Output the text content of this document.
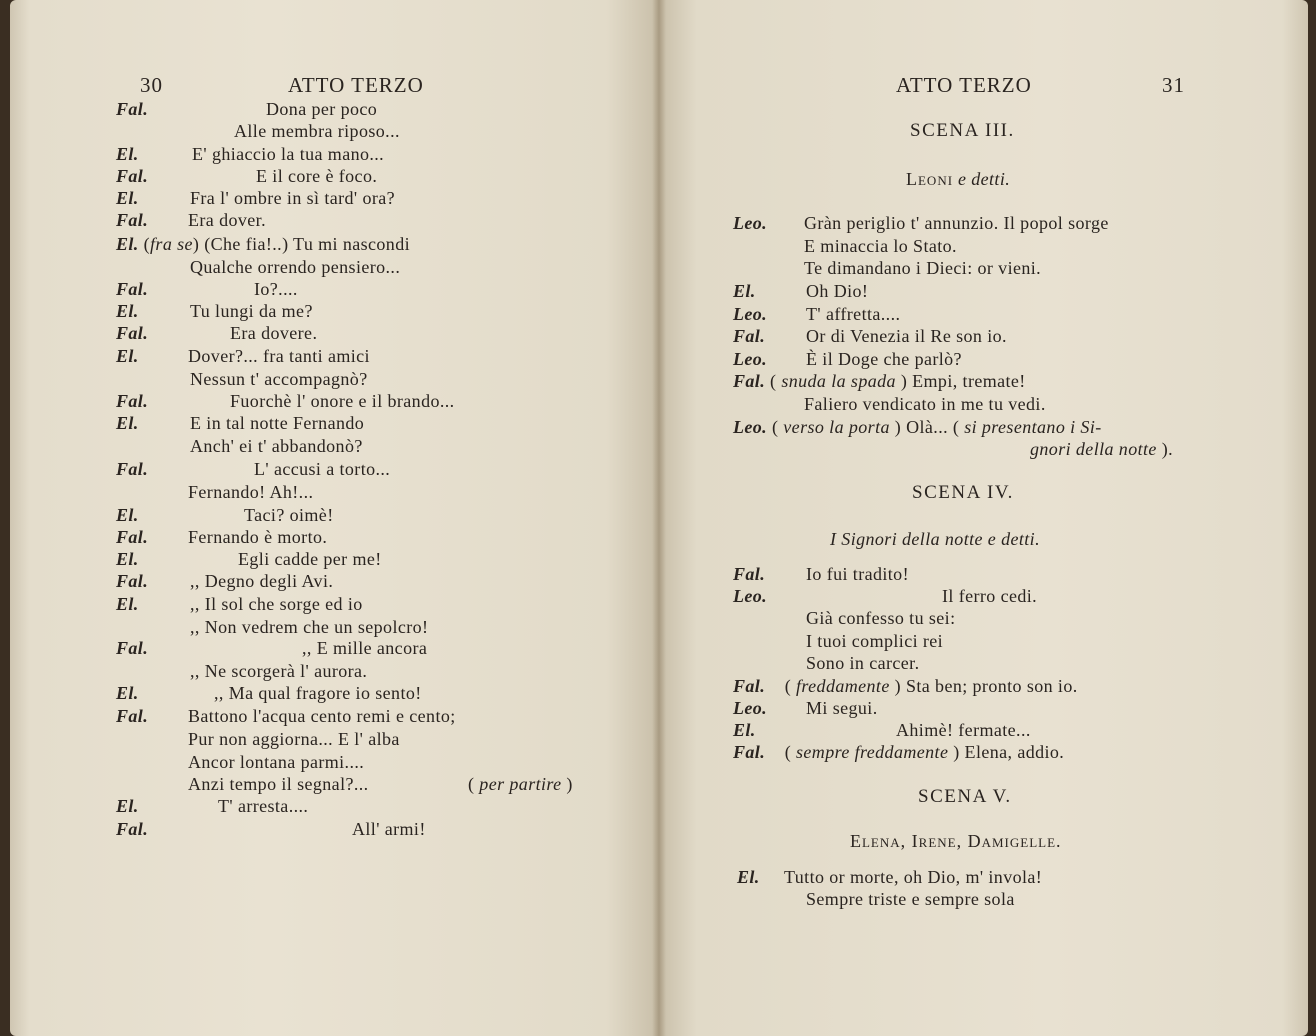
30	ATTO TERZO
Fal.	Dona per poco
Alle membra riposo...
El.	E' ghiaccio la tua mano...
Fal.	E il core è foco.
El.	Fra l' ombre in sì tard' ora?
Fal. Era dover.
El. (fra se) (Che fia!..) Tu mi nascondi
Qualche orrendo pensiero...
Fal.	Io?....
El.	Tu lungi da me?
Fal.	Era dovere.
El.	Dover?... fra tanti amici
Nessun t' accompagnò?
Fal.	Fuorchè l' onore e il brando...
El.	E in tal notte Fernando
Anch' ei t' abbandonò?
Fal.	L' accusi a torto...
Fernando! Ah!...
El.	Taci? oimè!
Fal. Fernando è morto.
El.	Egli cadde per me!
Fal. ,, Degno degli Avi.
El.	,, Il sol che sorge ed io
,, Non vedrem che un sepolcro!
Fal.	,, E mille ancora
,, Ne scorgerà l' aurora.
El.	,, Ma qual fragore io sento!
Fal. Battono l'acqua cento remi e cento;
Pur non aggiorna... E l' alba
Ancor lontana parmi....
Anzi tempo il segnal?...	( per partire )
El.	T' arresta....
Fal.	All' armi!
ATTO TERZO	31
SCENA III.
Leoni e detti.
Leo. Gràn periglio t' annunzio. Il popol sorge
E minaccia lo Stato.
Te dimandano i Dieci: or vieni.
El.	Oh Dio!
Leo. T' affretta....
Fal. Or di Venezia il Re son io.
Leo. È il Doge che parlò?
Fal. ( snuda la spada ) Empi, tremate!
Faliero vendicato in me tu vedi.
Leo. ( verso la porta ) Olà... ( si presentano i Si-
gnori della notte ).
SCENA IV.
I Signori della notte e detti.
Fal. Io fui tradito!
Leo.	Il ferro cedi.
Già confesso tu sei:
I tuoi complici rei
Sono in carcer.
Fal.    ( freddamente ) Sta ben; pronto son io.
Leo. Mi segui.
El.	Ahimè! fermate...
Fal.    ( sempre freddamente ) Elena, addio.
SCENA V.
Elena, Irene, Damigelle.
El. Tutto or morte, oh Dio, m' invola!
Sempre triste e sempre sola
